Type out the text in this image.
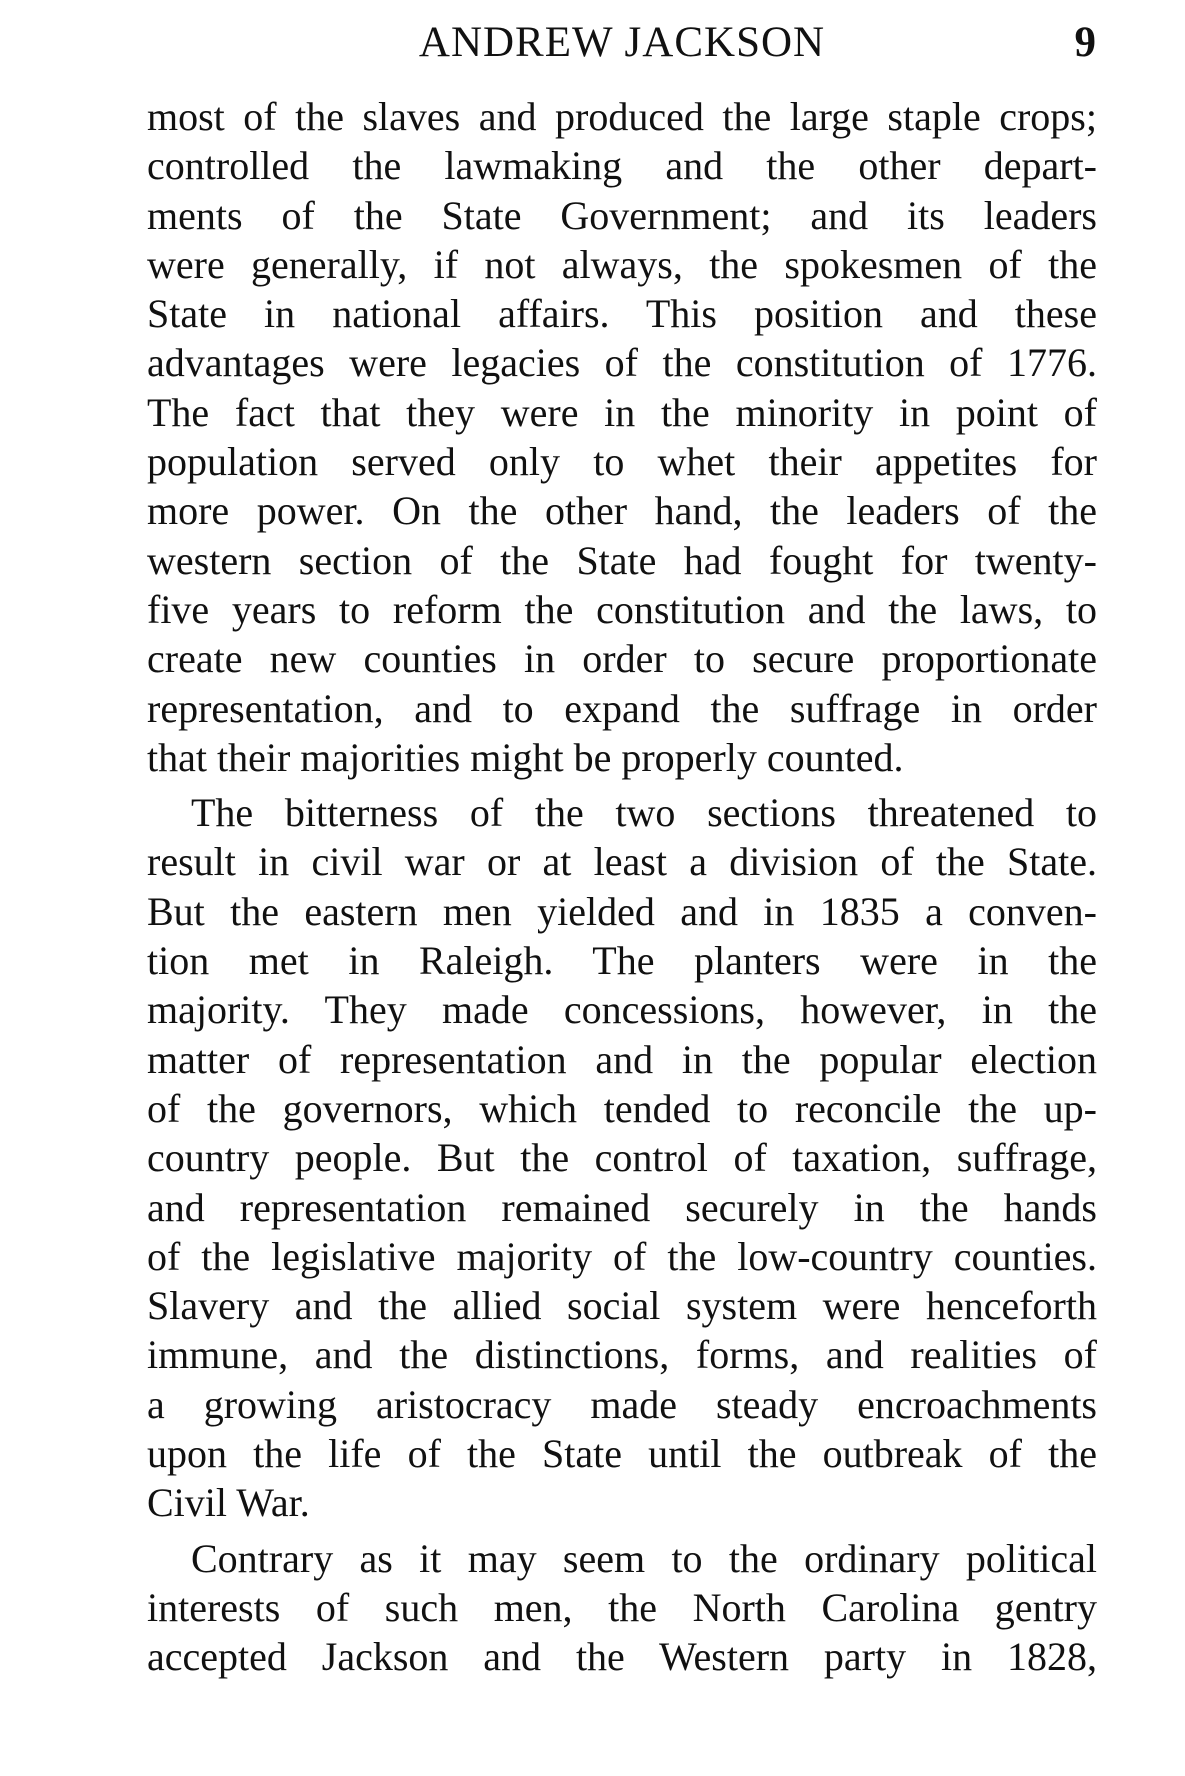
ANDREW JACKSON	9
most of the slaves and produced the large staple crops;
controlled the lawmaking and the other depart-
ments of the State Government; and its leaders
were generally, if not always, the spokesmen of the
State in national affairs. This position and these
advantages were legacies of the constitution of 1776.
The fact that they were in the minority in point of
population served only to whet their appetites for
more power. On the other hand, the leaders of the
western section of the State had fought for twenty-
five years to reform the constitution and the laws, to
create new counties in order to secure proportionate
representation, and to expand the suffrage in order
that their majorities might be properly counted.
The bitterness of the two sections threatened to
result in civil war or at least a division of the State.
But the eastern men yielded and in 1835 a conven-
tion met in Raleigh. The planters were in the
majority. They made concessions, however, in the
matter of representation and in the popular election
of the governors, which tended to reconcile the up-
country people. But the control of taxation, suffrage,
and representation remained securely in the hands
of the legislative majority of the low-country counties.
Slavery and the allied social system were henceforth
immune, and the distinctions, forms, and realities of
a growing aristocracy made steady encroachments
upon the life of the State until the outbreak of the
Civil War.
Contrary as it may seem to the ordinary political
interests of such men, the North Carolina gentry
accepted Jackson and the Western party in 1828,
